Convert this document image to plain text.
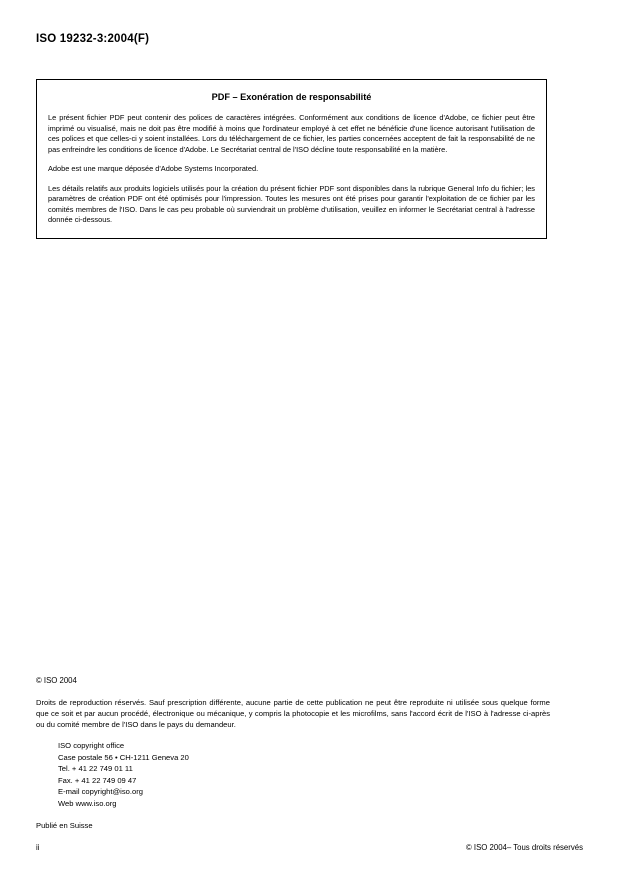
ISO 19232-3:2004(F)
PDF – Exonération de responsabilité

Le présent fichier PDF peut contenir des polices de caractères intégrées. Conformément aux conditions de licence d'Adobe, ce fichier peut être imprimé ou visualisé, mais ne doit pas être modifié à moins que l'ordinateur employé à cet effet ne bénéficie d'une licence autorisant l'utilisation de ces polices et que celles-ci y soient installées. Lors du téléchargement de ce fichier, les parties concernées acceptent de fait la responsabilité de ne pas enfreindre les conditions de licence d'Adobe. Le Secrétariat central de l'ISO décline toute responsabilité en la matière.

Adobe est une marque déposée d'Adobe Systems Incorporated.

Les détails relatifs aux produits logiciels utilisés pour la création du présent fichier PDF sont disponibles dans la rubrique General Info du fichier; les paramètres de création PDF ont été optimisés pour l'impression. Toutes les mesures ont été prises pour garantir l'exploitation de ce fichier par les comités membres de l'ISO. Dans le cas peu probable où surviendrait un problème d'utilisation, veuillez en informer le Secrétariat central à l'adresse donnée ci-dessous.

© ISO 2004

Droits de reproduction réservés. Sauf prescription différente, aucune partie de cette publication ne peut être reproduite ni utilisée sous quelque forme que ce soit et par aucun procédé, électronique ou mécanique, y compris la photocopie et les microfilms, sans l'accord écrit de l'ISO à l'adresse ci-après ou du comité membre de l'ISO dans le pays du demandeur.

ISO copyright office
Case postale 56 • CH-1211 Geneva 20
Tel. + 41 22 749 01 11
Fax. + 41 22 749 09 47
E-mail copyright@iso.org
Web www.iso.org
Publié en Suisse
ii	© ISO 2004– Tous droits réservés
